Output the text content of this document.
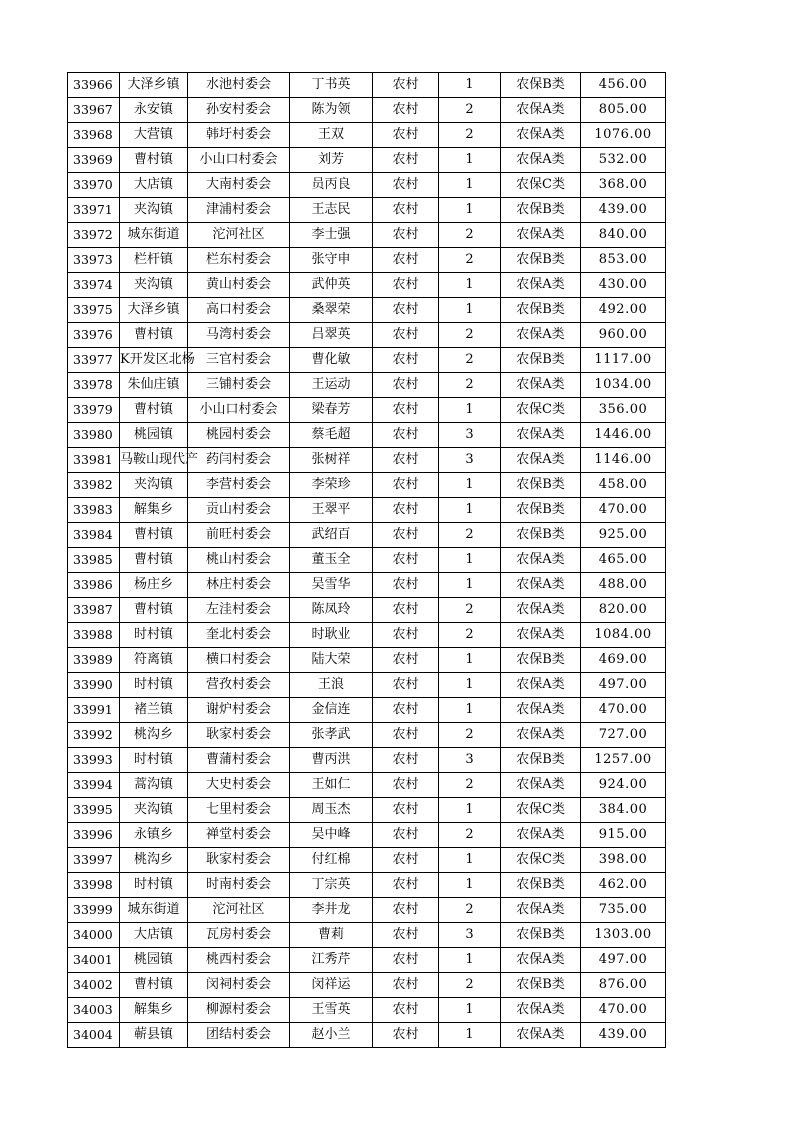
33966	大泽乡镇	水池村委会	丁书英	农村	1	农保B类	456.00
33967	永安镇	孙安村委会	陈为领	农村	2	农保A类	805.00
33968	大营镇	韩圩村委会	王双	农村	2	农保A类	1076.00
33969	曹村镇	小山口村委会	刘芳	农村	1	农保A类	532.00
33970	大店镇	大南村委会	员丙良	农村	1	农保C类	368.00
33971	夹沟镇	津浦村委会	王志民	农村	1	农保B类	439.00
33972	城东街道	沱河社区	李士强	农村	2	农保A类	840.00
33973	栏杆镇	栏东村委会	张守申	农村	2	农保B类	853.00
33974	夹沟镇	黄山村委会	武仲英	农村	1	农保A类	430.00
33975	大泽乡镇	高口村委会	桑翠荣	农村	1	农保B类	492.00
33976	曹村镇	马湾村委会	吕翠英	农村	2	农保A类	960.00
33977	K开发区北杨	三官村委会	曹化敏	农村	2	农保B类	1117.00
33978	朱仙庄镇	三铺村委会	王运动	农村	2	农保A类	1034.00
33979	曹村镇	小山口村委会	梁春芳	农村	1	农保C类	356.00
33980	桃园镇	桃园村委会	蔡毛超	农村	3	农保A类	1446.00
33981	马鞍山现代产	药闫村委会	张树祥	农村	3	农保A类	1146.00
33982	夹沟镇	李营村委会	李荣珍	农村	1	农保B类	458.00
33983	解集乡	贡山村委会	王翠平	农村	1	农保B类	470.00
33984	曹村镇	前旺村委会	武绍百	农村	2	农保B类	925.00
33985	曹村镇	桃山村委会	董玉全	农村	1	农保A类	465.00
33986	杨庄乡	林庄村委会	吴雪华	农村	1	农保A类	488.00
33987	曹村镇	左洼村委会	陈凤玲	农村	2	农保A类	820.00
33988	时村镇	奎北村委会	时耿业	农村	2	农保A类	1084.00
33989	符离镇	横口村委会	陆大荣	农村	1	农保B类	469.00
33990	时村镇	营孜村委会	王浪	农村	1	农保A类	497.00
33991	褚兰镇	谢炉村委会	金信连	农村	1	农保A类	470.00
33992	桃沟乡	耿家村委会	张孝武	农村	2	农保A类	727.00
33993	时村镇	曹蒲村委会	曹丙洪	农村	3	农保B类	1257.00
33994	蒿沟镇	大史村委会	王如仁	农村	2	农保A类	924.00
33995	夹沟镇	七里村委会	周玉杰	农村	1	农保C类	384.00
33996	永镇乡	禅堂村委会	吴中峰	农村	2	农保A类	915.00
33997	桃沟乡	耿家村委会	付红棉	农村	1	农保C类	398.00
33998	时村镇	时南村委会	丁宗英	农村	1	农保B类	462.00
33999	城东街道	沱河社区	李井龙	农村	2	农保A类	735.00
34000	大店镇	瓦房村委会	曹莉	农村	3	农保B类	1303.00
34001	桃园镇	桃西村委会	江秀芹	农村	1	农保A类	497.00
34002	曹村镇	闵祠村委会	闵祥运	农村	2	农保B类	876.00
34003	解集乡	柳源村委会	王雪英	农村	1	农保A类	470.00
34004	蕲县镇	团结村委会	赵小兰	农村	1	农保A类	439.00
